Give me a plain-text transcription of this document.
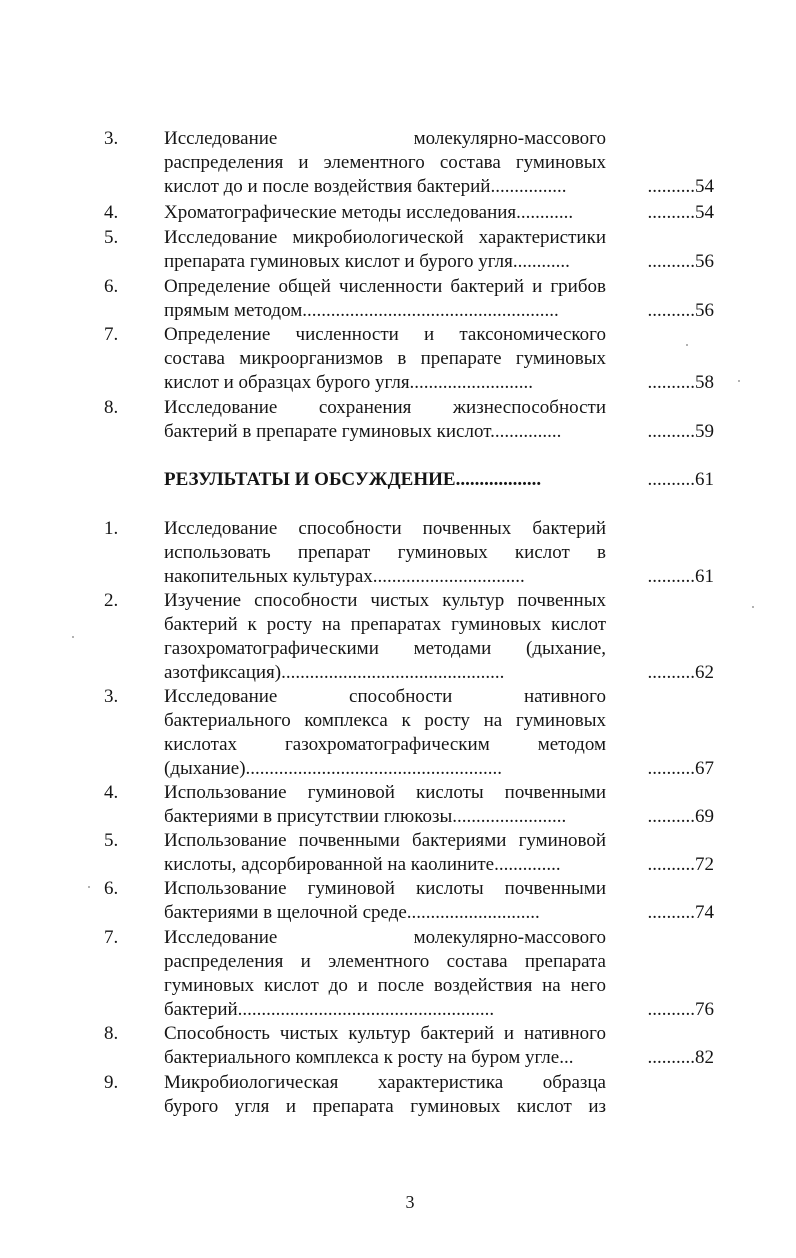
3.	Исследование молекулярно-массового
распределения и элементного состава гуминовых
кислот до и после воздействия бактерий................	..........54
4.	Хроматографические методы исследования............	..........54
5.	Исследование микробиологической характеристики
препарата гуминовых кислот и бурого угля............	..........56
6.	Определение общей численности бактерий и грибов
прямым методом......................................................	..........56
7.	Определение численности и таксономического
состава микроорганизмов в препарате гуминовых
кислот и образцах бурого угля..........................	..........58
8.	Исследование сохранения жизнеспособности
бактерий в препарате гуминовых кислот...............	..........59
РЕЗУЛЬТАТЫ И ОБСУЖДЕНИЕ..................	..........61
1.	Исследование способности почвенных бактерий
использовать препарат гуминовых кислот в
накопительных культурах................................	..........61
2.	Изучение способности чистых культур почвенных
бактерий к росту на препаратах гуминовых кислот
газохроматографическими методами (дыхание,
азотфиксация)...............................................	..........62
3.	Исследование способности нативного
бактериального комплекса к росту на гуминовых
кислотах газохроматографическим методом
(дыхание)......................................................	..........67
4.	Использование гуминовой кислоты почвенными
бактериями в присутствии глюкозы........................	..........69
5.	Использование почвенными бактериями гуминовой
кислоты, адсорбированной на каолините..............	..........72
6.	Использование гуминовой кислоты почвенными
бактериями в щелочной среде............................	..........74
7.	Исследование молекулярно-массового
распределения и элементного состава препарата
гуминовых кислот до и после воздействия на него
бактерий......................................................	..........76
8.	Способность чистых культур бактерий и нативного
бактериального комплекса к росту на буром угле...	..........82
9.	Микробиологическая характеристика образца
бурого угля и препарата гуминовых кислот из
3
